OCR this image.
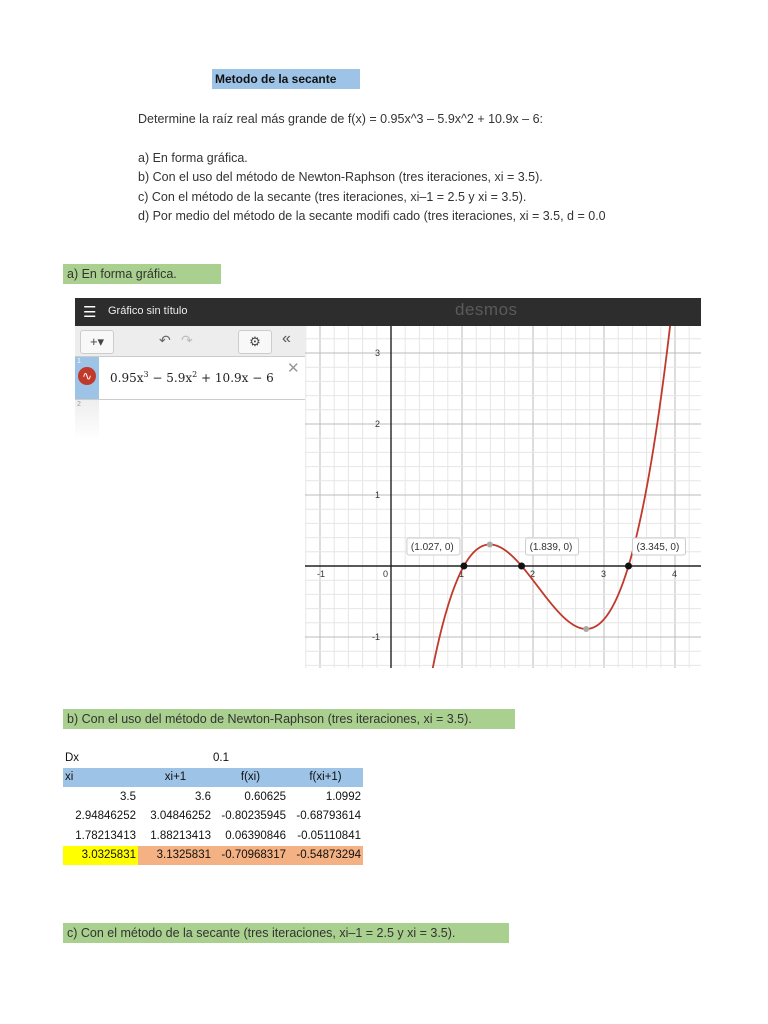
Metodo de la secante
Determine la raíz real más grande de f(x) = 0.95x^3 – 5.9x^2 + 10.9x – 6:
a) En forma gráfica.
b) Con el uso del método de Newton-Raphson (tres iteraciones, xi = 3.5).
c) Con el método de la secante (tres iteraciones, xi–1 = 2.5 y xi = 3.5).
d) Por medio del método de la secante modifi cado (tres iteraciones, xi = 3.5, d = 0.0
a) En forma gráfica.
☰ Gráfico sin título	desmos
+▾	↶ ↷	⚙	«
1
∿	$0.95x^3 - 5.9x^2 + 10.9x - 6$
✕
2
-1	0	1	2	3	4
3
2
1
-1
(1.027, 0)	(1.839, 0)	(3.345, 0)
b) Con el uso del método de Newton-Raphson (tres iteraciones, xi = 3.5).
Dx		0.1	
xi	xi+1	f(xi)	f(xi+1)
3.5	3.6	0.60625	1.0992
2.94846252	3.04846252	-0.80235945	-0.68793614
1.78213413	1.88213413	0.06390846	-0.05110841
3.0325831	3.1325831	-0.70968317	-0.54873294
c) Con el método de la secante (tres iteraciones, xi–1 = 2.5 y xi = 3.5).
